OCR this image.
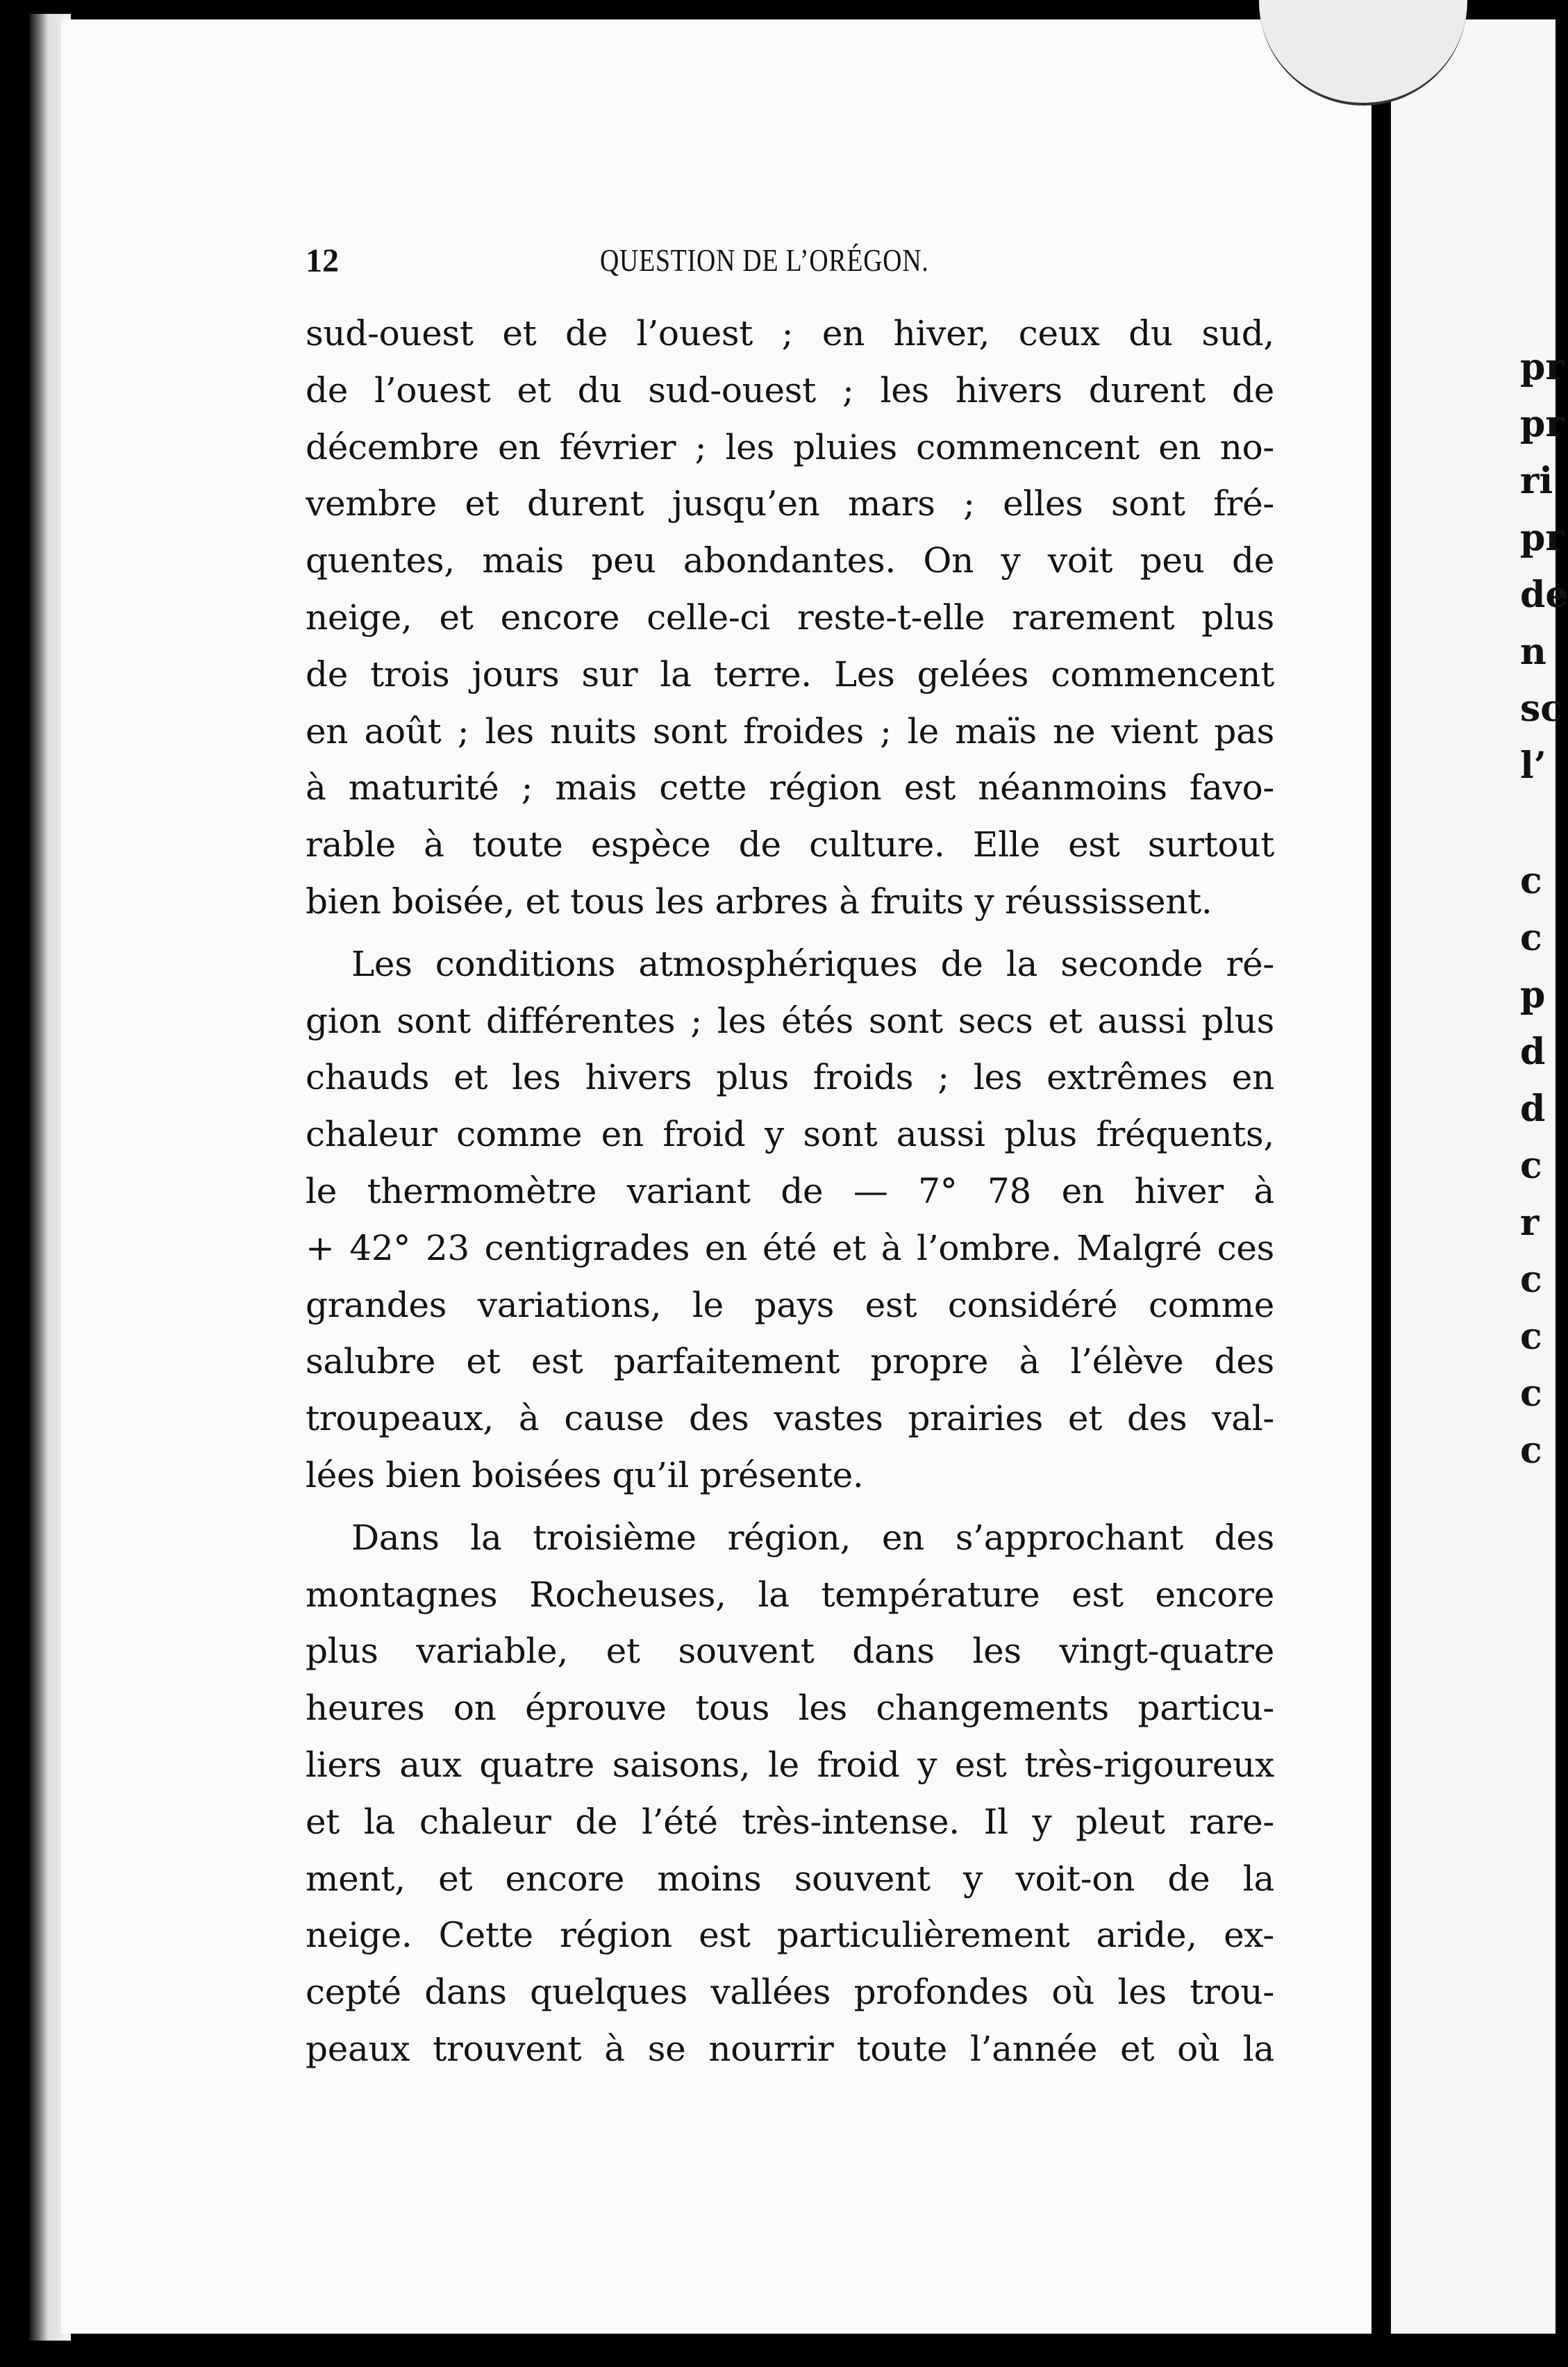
pr
pr
ri
pr
de
n
sc
l’
c
c
p
d
d
c
r
c
c
c
c
12	QUESTION DE L’ORÉGON.
sud-ouest et de l’ouest ; en hiver, ceux du sud,
de l’ouest et du sud-ouest ; les hivers durent de
décembre en février ; les pluies commencent en no-
vembre et durent jusqu’en mars ; elles sont fré-
quentes, mais peu abondantes. On y voit peu de
neige, et encore celle-ci reste-t-elle rarement plus
de trois jours sur la terre. Les gelées commencent
en août ; les nuits sont froides ; le maïs ne vient pas
à maturité ; mais cette région est néanmoins favo-
rable à toute espèce de culture. Elle est surtout
bien boisée, et tous les arbres à fruits y réussissent.
Les conditions atmosphériques de la seconde ré-
gion sont différentes ; les étés sont secs et aussi plus
chauds et les hivers plus froids ; les extrêmes en
chaleur comme en froid y sont aussi plus fréquents,
le thermomètre variant de — 7° 78 en hiver à
+ 42° 23 centigrades en été et à l’ombre. Malgré ces
grandes variations, le pays est considéré comme
salubre et est parfaitement propre à l’élève des
troupeaux, à cause des vastes prairies et des val-
lées bien boisées qu’il présente.
Dans la troisième région, en s’approchant des
montagnes Rocheuses, la température est encore
plus variable, et souvent dans les vingt-quatre
heures on éprouve tous les changements particu-
liers aux quatre saisons, le froid y est très-rigoureux
et la chaleur de l’été très-intense. Il y pleut rare-
ment, et encore moins souvent y voit-on de la
neige. Cette région est particulièrement aride, ex-
cepté dans quelques vallées profondes où les trou-
peaux trouvent à se nourrir toute l’année et où la
